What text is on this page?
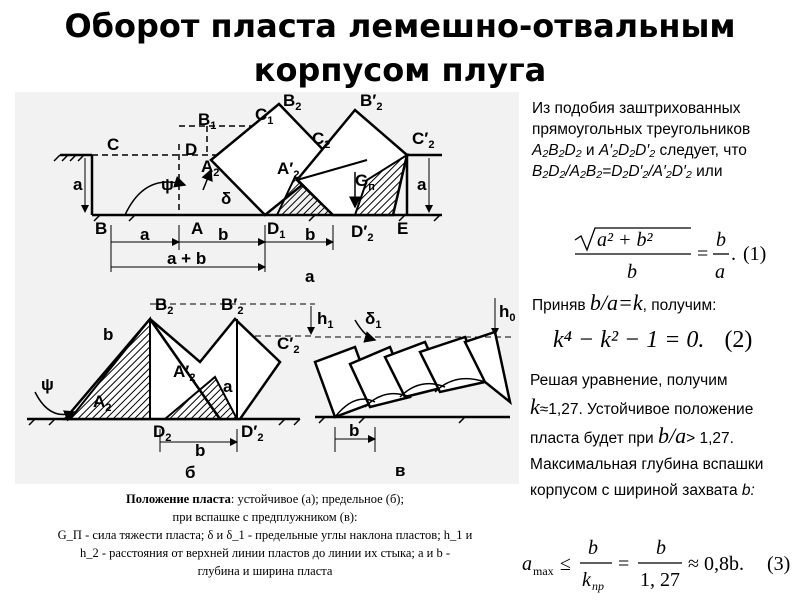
Оборот пласта лемешно-отвальным
корпусом плуга
C
$B_1$
$C_1$
$B_2$	$B'_2$
$C_2$	$C'_2$
D
$A_2$	$A'_2$	$G_п$
ψ
δ
a	a
B	A	$D_1$	$D'_2$ E
a	b	b
a + b
a
$B_2$	$B'_2$
$C'_2$
$A_2$
$A'_2$
$D_2$	$D'_2$
b
a
b
ψ
$h_1$
б
$\delta_1$
$h_0$
b
в
Положение пласта: устойчивое (а); предельное (б);
при вспашке с предплужником (в):
G_П - сила тяжести пласта; δ и δ_1 - предельные углы наклона пластов; h_1 и
h_2 - расстояния от верхней линии пластов до линии их стыка; a и b -
глубина и ширина пласта

Из подобия заштрихованных прямоугольных треугольников A₂B₂D₂ и A′₂D₂D′₂ следует, что B₂D₂/A₂B₂=D₂D′₂/A′₂D′₂ или

a² + b²
b
=
b
a
. (1)
Приняв b/a=k, получим:
k⁴ − k² − 1 = 0. (2)
Решая уравнение, получим
k≈1,27. Устойчивое положение пласта будет при b/a> 1,27. Максимальная глубина вспашки корпусом с шириной захвата b:
a max ≤
b
k пр
=
b
1, 27
≈ 0,8b. (3)
